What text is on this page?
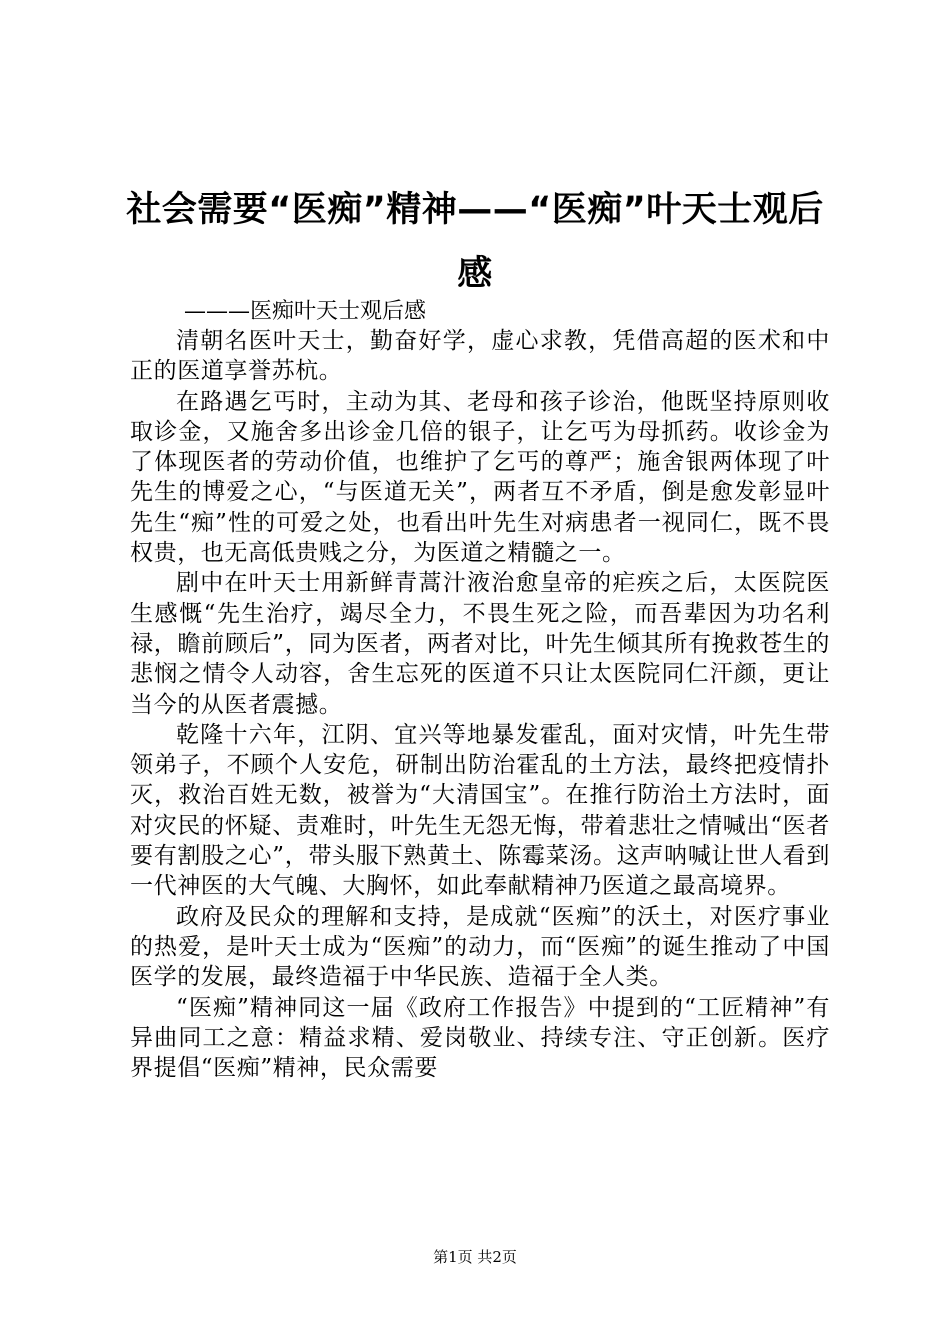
社会需要“医痴”精神——“医痴”叶天士观后感

———医痴叶天士观后感

清朝名医叶天士，勤奋好学，虚心求教，凭借高超的医术和中正的医道享誉苏杭。

在路遇乞丐时，主动为其、老母和孩子诊治，他既坚持原则收取诊金，又施舍多出诊金几倍的银子，让乞丐为母抓药。收诊金为了体现医者的劳动价值，也维护了乞丐的尊严；施舍银两体现了叶先生的博爱之心，“与医道无关”，两者互不矛盾，倒是愈发彰显叶先生“痴”性的可爱之处，也看出叶先生对病患者一视同仁，既不畏权贵，也无高低贵贱之分，为医道之精髓之一。

剧中在叶天士用新鲜青蒿汁液治愈皇帝的疟疾之后，太医院医生感慨“先生治疗，竭尽全力，不畏生死之险，而吾辈因为功名利禄，瞻前顾后”，同为医者，两者对比，叶先生倾其所有挽救苍生的悲悯之情令人动容，舍生忘死的医道不只让太医院同仁汗颜，更让当今的从医者震撼。

乾隆十六年，江阴、宜兴等地暴发霍乱，面对灾情，叶先生带领弟子，不顾个人安危，研制出防治霍乱的土方法，最终把疫情扑灭，救治百姓无数，被誉为“大清国宝”。在推行防治土方法时，面对灾民的怀疑、责难时，叶先生无怨无悔，带着悲壮之情喊出“医者要有割股之心”，带头服下熟黄土、陈霉菜汤。这声呐喊让世人看到一代神医的大气魄、大胸怀，如此奉献精神乃医道之最高境界。

政府及民众的理解和支持，是成就“医痴”的沃土，对医疗事业的热爱，是叶天士成为“医痴”的动力，而“医痴”的诞生推动了中国医学的发展，最终造福于中华民族、造福于全人类。

“医痴”精神同这一届《政府工作报告》中提到的“工匠精神”有异曲同工之意：精益求精、爱岗敬业、持续专注、守正创新。医疗界提倡“医痴”精神，民众需要

第1页 共2页
